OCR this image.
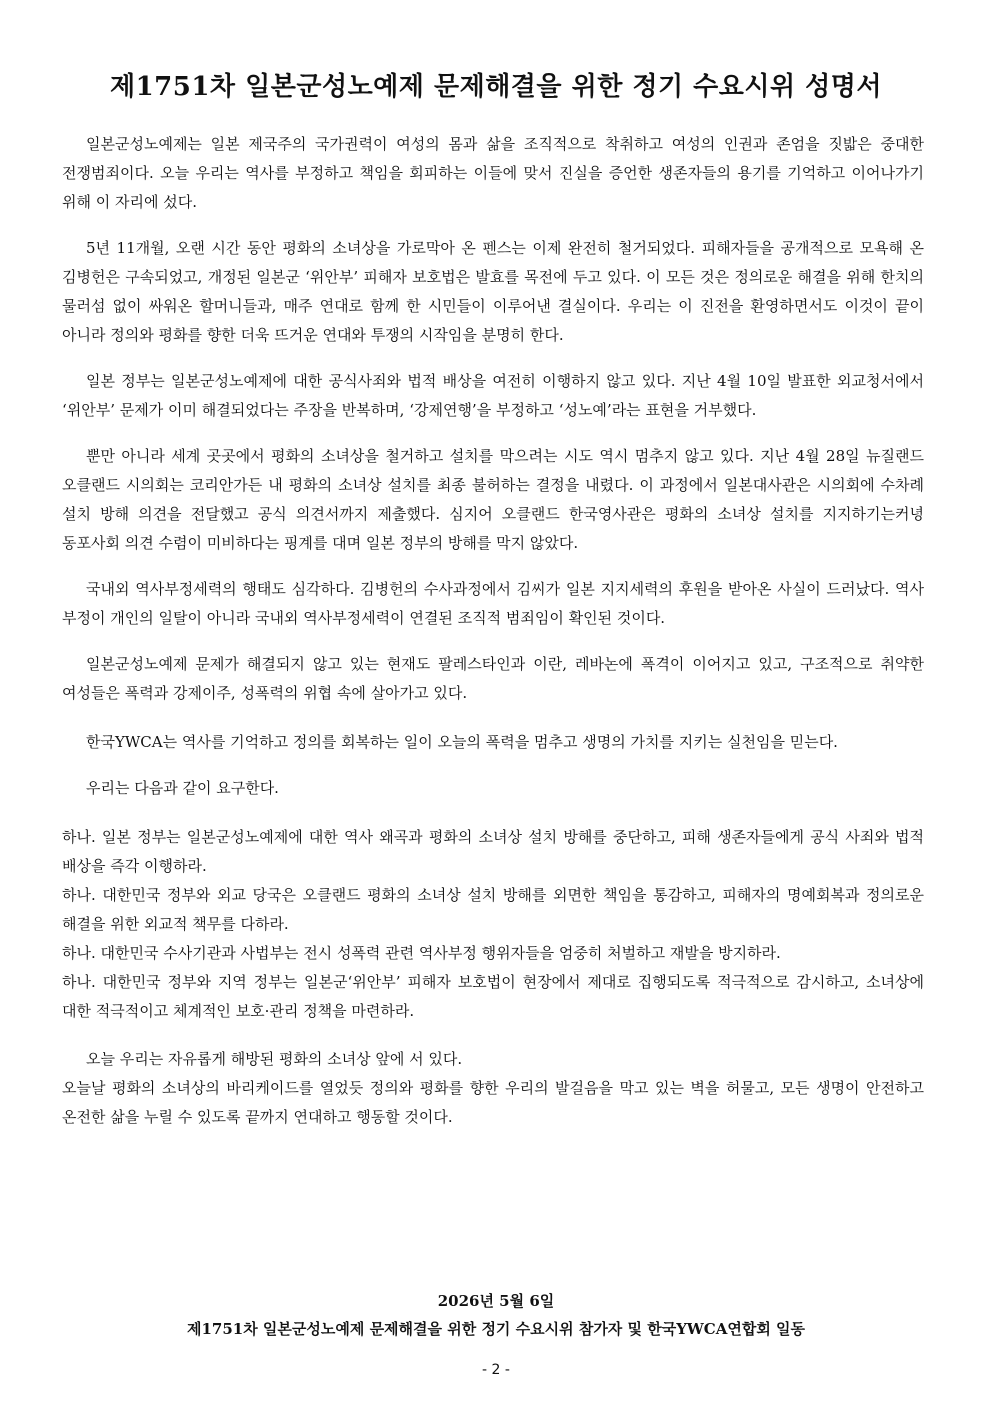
제1751차 일본군성노예제 문제해결을 위한 정기 수요시위 성명서

일본군성노예제는 일본 제국주의 국가권력이 여성의 몸과 삶을 조직적으로 착취하고 여성의 인권과 존엄을 짓밟은 중대한 전쟁범죄이다. 오늘 우리는 역사를 부정하고 책임을 회피하는 이들에 맞서 진실을 증언한 생존자들의 용기를 기억하고 이어나가기 위해 이 자리에 섰다.

5년 11개월, 오랜 시간 동안 평화의 소녀상을 가로막아 온 펜스는 이제 완전히 철거되었다. 피해자들을 공개적으로 모욕해 온 김병헌은 구속되었고, 개정된 일본군 ‘위안부’ 피해자 보호법은 발효를 목전에 두고 있다. 이 모든 것은 정의로운 해결을 위해 한치의 물러섬 없이 싸워온 할머니들과, 매주 연대로 함께 한 시민들이 이루어낸 결실이다. 우리는 이 진전을 환영하면서도 이것이 끝이 아니라 정의와 평화를 향한 더욱 뜨거운 연대와 투쟁의 시작임을 분명히 한다.

일본 정부는 일본군성노예제에 대한 공식사죄와 법적 배상을 여전히 이행하지 않고 있다. 지난 4월 10일 발표한 외교청서에서 ‘위안부’ 문제가 이미 해결되었다는 주장을 반복하며, ‘강제연행’을 부정하고 ‘성노예’라는 표현을 거부했다.

뿐만 아니라 세계 곳곳에서 평화의 소녀상을 철거하고 설치를 막으려는 시도 역시 멈추지 않고 있다. 지난 4월 28일 뉴질랜드 오클랜드 시의회는 코리안가든 내 평화의 소녀상 설치를 최종 불허하는 결정을 내렸다. 이 과정에서 일본대사관은 시의회에 수차례 설치 방해 의견을 전달했고 공식 의견서까지 제출했다. 심지어 오클랜드 한국영사관은 평화의 소녀상 설치를 지지하기는커녕 동포사회 의견 수렴이 미비하다는 핑계를 대며 일본 정부의 방해를 막지 않았다.

국내외 역사부정세력의 행태도 심각하다. 김병헌의 수사과정에서 김씨가 일본 지지세력의 후원을 받아온 사실이 드러났다. 역사 부정이 개인의 일탈이 아니라 국내외 역사부정세력이 연결된 조직적 범죄임이 확인된 것이다.

일본군성노예제 문제가 해결되지 않고 있는 현재도 팔레스타인과 이란, 레바논에 폭격이 이어지고 있고, 구조적으로 취약한 여성들은 폭력과 강제이주, 성폭력의 위협 속에 살아가고 있다.

한국YWCA는 역사를 기억하고 정의를 회복하는 일이 오늘의 폭력을 멈추고 생명의 가치를 지키는 실천임을 믿는다.

우리는 다음과 같이 요구한다.

하나. 일본 정부는 일본군성노예제에 대한 역사 왜곡과 평화의 소녀상 설치 방해를 중단하고, 피해 생존자들에게 공식 사죄와 법적 배상을 즉각 이행하라.

하나. 대한민국 정부와 외교 당국은 오클랜드 평화의 소녀상 설치 방해를 외면한 책임을 통감하고, 피해자의 명예회복과 정의로운 해결을 위한 외교적 책무를 다하라.

하나. 대한민국 수사기관과 사법부는 전시 성폭력 관련 역사부정 행위자들을 엄중히 처벌하고 재발을 방지하라.

하나. 대한민국 정부와 지역 정부는 일본군‘위안부’ 피해자 보호법이 현장에서 제대로 집행되도록 적극적으로 감시하고, 소녀상에 대한 적극적이고 체계적인 보호·관리 정책을 마련하라.

오늘 우리는 자유롭게 해방된 평화의 소녀상 앞에 서 있다.

오늘날 평화의 소녀상의 바리케이드를 열었듯 정의와 평화를 향한 우리의 발걸음을 막고 있는 벽을 허물고, 모든 생명이 안전하고 온전한 삶을 누릴 수 있도록 끝까지 연대하고 행동할 것이다.

2026년 5월 6일
제1751차 일본군성노예제 문제해결을 위한 정기 수요시위 참가자 및 한국YWCA연합회 일동
- 2 -
